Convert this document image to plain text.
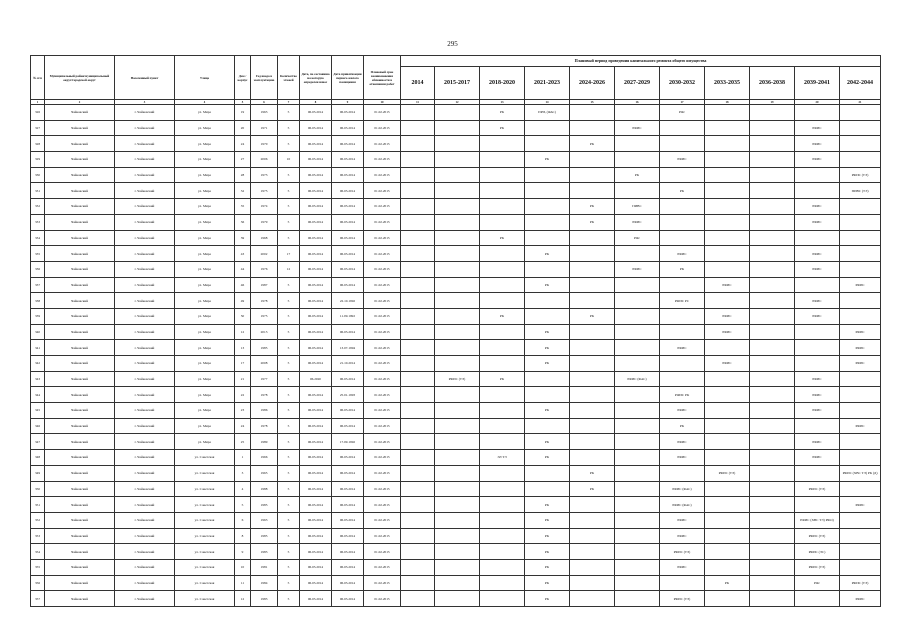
295
№ п/п	Муниципальный район/муниципальный округ/городской округ	Населенный пункт	Улица	Дом / корпус	Год ввода в эксплуатацию	Количество этажей	Дата, по состоянию на которую определен износ	Дата приватизации первого жилого помещения	Плановый срок возникновения обязанности в отношении работ	Плановый период проведения капитального ремонта общего имущества										
										2014	2015-2017	2018-2020	2021-2023	2024-2026	2027-2029	2030-2032	2033-2035	2036-2038	2039-2041	2042-2044
1	2	3	4	5	6	7	8	9	10	11	12	13	14	15	16	17	18	19	20	21
326	Чайковский	г. Чайковский	ул. Мира	19	1963	5	06.03.2014	06.03.2014	01.02.2015			РК	ПРИ, (ФАС)			РФс				
327	Чайковский	г. Чайковский	ул. Мира	20	1971	5	06.03.2014	06.03.2014	01.02.2015			РК			РФИС				РФИС	
328	Чайковский	г. Чайковский	ул. Мира	24	1970	5	06.03.2014	06.03.2014	01.02.2015					РК					РФИС	
329	Чайковский	г. Чайковский	ул. Мира	27	2006	10	06.03.2014	06.03.2014	01.02.2015				РК			РФИС			РФИС	
330	Чайковский	г. Чайковский	ул. Мира	28	1973	5	06.03.2014	06.03.2014	01.02.2015						РК					РФИС (ТЭ)
331	Чайковский	г. Чайковский	ул. Мира	32	1975	5	06.03.2014	06.03.2014	01.02.2015							РК				ПИВС (ТЭ)
332	Чайковский	г. Чайковский	ул. Мира	35	1974	5	06.03.2014	06.03.2014	01.02.2015					РК	ПИВС				РФИС	
333	Чайковский	г. Чайковский	ул. Мира	36	1979	5	06.03.2014	06.03.2014	01.02.2015					РК	РФИС				РФИС	
334	Чайковский	г. Чайковский	ул. Мира	39	1968	5	06.03.2014	06.03.2014	01.02.2015			РК			РФс					
335	Чайковский	г. Чайковский	ул. Мира	43	2002	17	06.03.2014	06.03.2014	01.02.2015				РК			РФИС			РФИС	
336	Чайковский	г. Чайковский	ул. Мира	44	1976	12	06.03.2014	06.03.2014	01.02.2015						РФИС	РК			РФИС	
337	Чайковский	г. Чайковский	ул. Мира	46	1987	5	06.03.2014	06.03.2014	01.02.2015				РК				РФИС			РФИС
338	Чайковский	г. Чайковский	ул. Мира	49	1978	5	06.03.2014	22.10.1992	01.02.2015							РФИС РС			РФИС	
339	Чайковский	г. Чайковский	ул. Мира	50	1975	5	06.03.2014	11.09.1992	01.02.2015			РК		РК			РФИС		РФИС	
340	Чайковский	г. Чайковский	ул. Мира	12	2013	5	06.03.2014	06.03.2014	01.02.2015				РК				РФИС			РФИС
341	Чайковский	г. Чайковский	ул. Мира	13	1985	5	06.03.2014	13.07.1994	01.02.2015				РК			РФИС				РФИС
342	Чайковский	г. Чайковский	ул. Мира	17	2008	5	06.03.2014	21.10.2014	01.02.2015				РК				РФИС			РФИС
343	Чайковский	г. Чайковский	ул. Мира	21	1977	5	06.2020	06.03.2014	01.02.2015		РФИС (ТЭ)	РК			РФИС (ФАС)				РФИС	
344	Чайковский	г. Чайковский	ул. Мира	22	1978	5	06.03.2014	25.01.1993	01.02.2015							РФИС РК			РФИС	
345	Чайковский	г. Чайковский	ул. Мира	23	1986	5	06.03.2014	06.03.2014	01.02.2015				РК			РФИС			РФИС	
346	Чайковский	г. Чайковский	ул. Мира	24	1978	5	06.03.2014	06.03.2014	01.02.2015							РК				РФИС
347	Чайковский	г. Чайковский	ул. Мира	25	1989	5	06.03.2014	17.09.1992	01.02.2015				РК			РФИС			РФИС	
348	Чайковский	г. Чайковский	ул. Советская	1	1966	5	06.03.2014	06.03.2014	01.02.2015			ЭЛ ТЭ	РК			РФИС			РФИС	
349	Чайковский	г. Чайковский	ул. Советская	3	1965	5	06.03.2014	06.03.2014	01.02.2015					РК			РФИС (ТЭ)			РФИС (ХВС ТЭ) РК (Д)
350	Чайковский	г. Чайковский	ул. Советская	4	1988	5	06.03.2014	06.03.2014	01.02.2015					РК		РФИС (ФАС)			РФИС (ТЭ)	
351	Чайковский	г. Чайковский	ул. Советская	5	1985	5	06.03.2014	06.03.2014	01.02.2015				РК			РФИС (ФАС)				РФИС
352	Чайковский	г. Чайковский	ул. Советская	6	1963	5	06.03.2014	06.03.2014	01.02.2015				РК			РФИС			РФИС (ХВС ТЭ) РФО)	
353	Чайковский	г. Чайковский	ул. Советская	8	1985	5	06.03.2014	06.03.2014	01.02.2015				РК			РФИС			РФИС (ТЭ)	
354	Чайковский	г. Чайковский	ул. Советская	9	1983	5	06.03.2014	06.03.2014	01.02.2015				РК			РФИС (ТЭ)			РФИС (ЭС)	
355	Чайковский	г. Чайковский	ул. Советская	10	1981	5	06.03.2014	06.03.2014	01.02.2015				РК			РФИС			РФИС (ТЭ)	
356	Чайковский	г. Чайковский	ул. Советская	11	1984	5	06.03.2014	06.03.2014	01.02.2015				РК				РК		РФс	РФИС (ТЭ)
357	Чайковский	г. Чайковский	ул. Советская	12	1983	5	06.03.2014	06.03.2014	01.02.2015				РК			РФИС (ТЭ)				РФИС
